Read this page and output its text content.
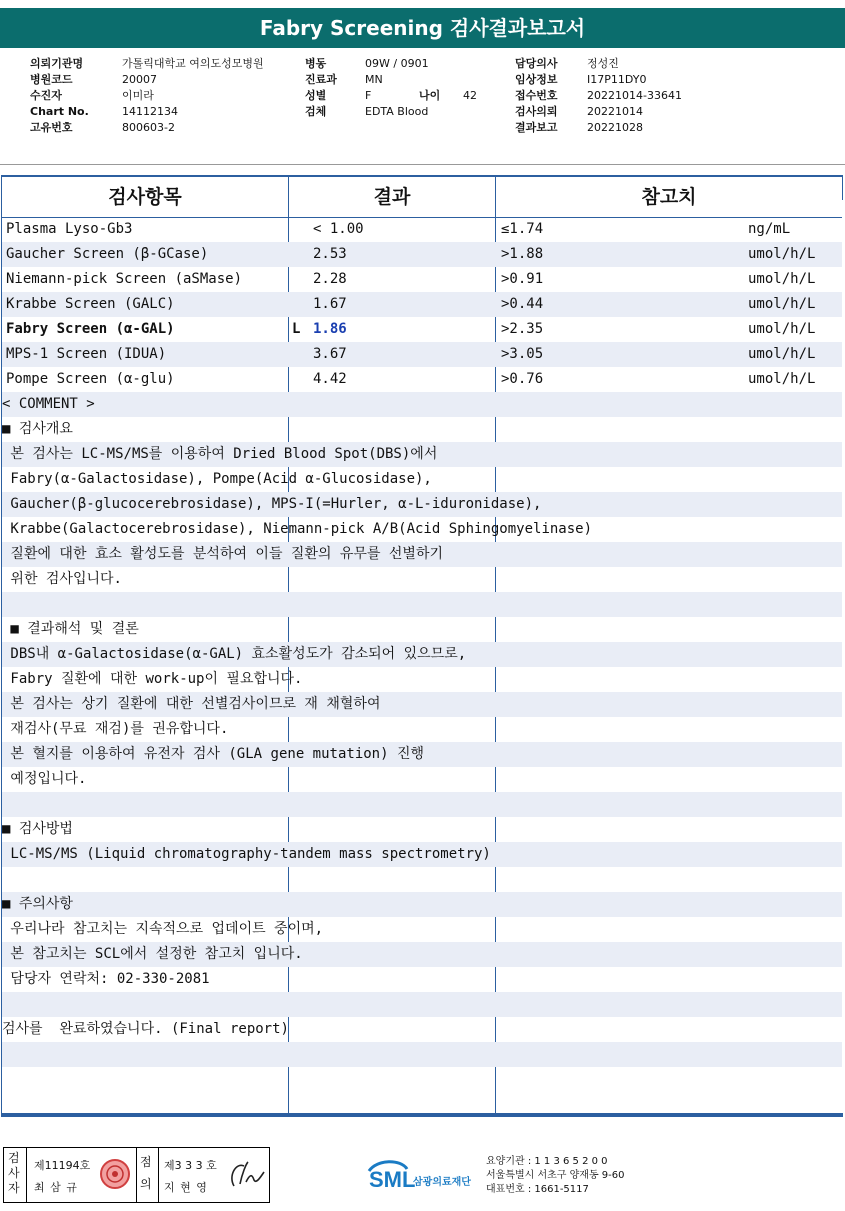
Fabry Screening 검사결과보고서
의뢰기관명	가톨릭대학교 여의도성모병원
병원코드	20007
수진자	이미라
Chart No.	14112134
고유번호	800603-2
병동	09W / 0901
진료과	MN
성별	F	나이 42
검체	EDTA Blood
담당의사	정성진
임상정보	I17P11DY0
접수번호	20221014-33641
검사의뢰	20221014
결과보고	20221028
검사항목	결과	참고치
Plasma Lyso-Gb3	< 1.00	≤1.74	ng/mL
Gaucher Screen (β-GCase)	2.53	>1.88	umol/h/L
Niemann-pick Screen (aSMase)	2.28	>0.91	umol/h/L
Krabbe Screen (GALC)	1.67	>0.44	umol/h/L
Fabry Screen (α-GAL)	L 1.86	>2.35	umol/h/L
MPS-1 Screen (IDUA)	3.67	>3.05	umol/h/L
Pompe Screen (α-glu)	4.42	>0.76	umol/h/L
< COMMENT >
■ 검사개요
본 검사는 LC-MS/MS를 이용하여 Dried Blood Spot(DBS)에서
Fabry(α-Galactosidase), Pompe(Acid α-Glucosidase),
Gaucher(β-glucocerebrosidase), MPS-I(=Hurler, α-L-iduronidase),
Krabbe(Galactocerebrosidase), Niemann-pick A/B(Acid Sphingomyelinase)
질환에 대한 효소 활성도를 분석하여 이들 질환의 유무를 선별하기
위한 검사입니다.
■ 결과해석 및 결론
DBS내 α-Galactosidase(α-GAL) 효소활성도가 감소되어 있으므로,
Fabry 질환에 대한 work-up이 필요합니다.
본 검사는 상기 질환에 대한 선별검사이므로 재 채혈하여
재검사(무료 재검)를 권유합니다.
본 혈지를 이용하여 유전자 검사 (GLA gene mutation) 진행
예정입니다.
■ 검사방법
LC-MS/MS (Liquid chromatography-tandem mass spectrometry)
■ 주의사항
우리나라 참고치는 지속적으로 업데이트 중이며,
본 참고치는 SCL에서 설정한 참고치 입니다.
담당자 연락처: 02-330-2081
검사를  완료하였습니다. (Final report)
검사자
제11194호
최 삼 규
점의
제3 3 3 호
지 현 영	SML
삼광의료재단
요양기관 : 1 1 3 6 5 2 0 0
서울특별시 서초구 양재동 9-60
대표번호 : 1661-5117
